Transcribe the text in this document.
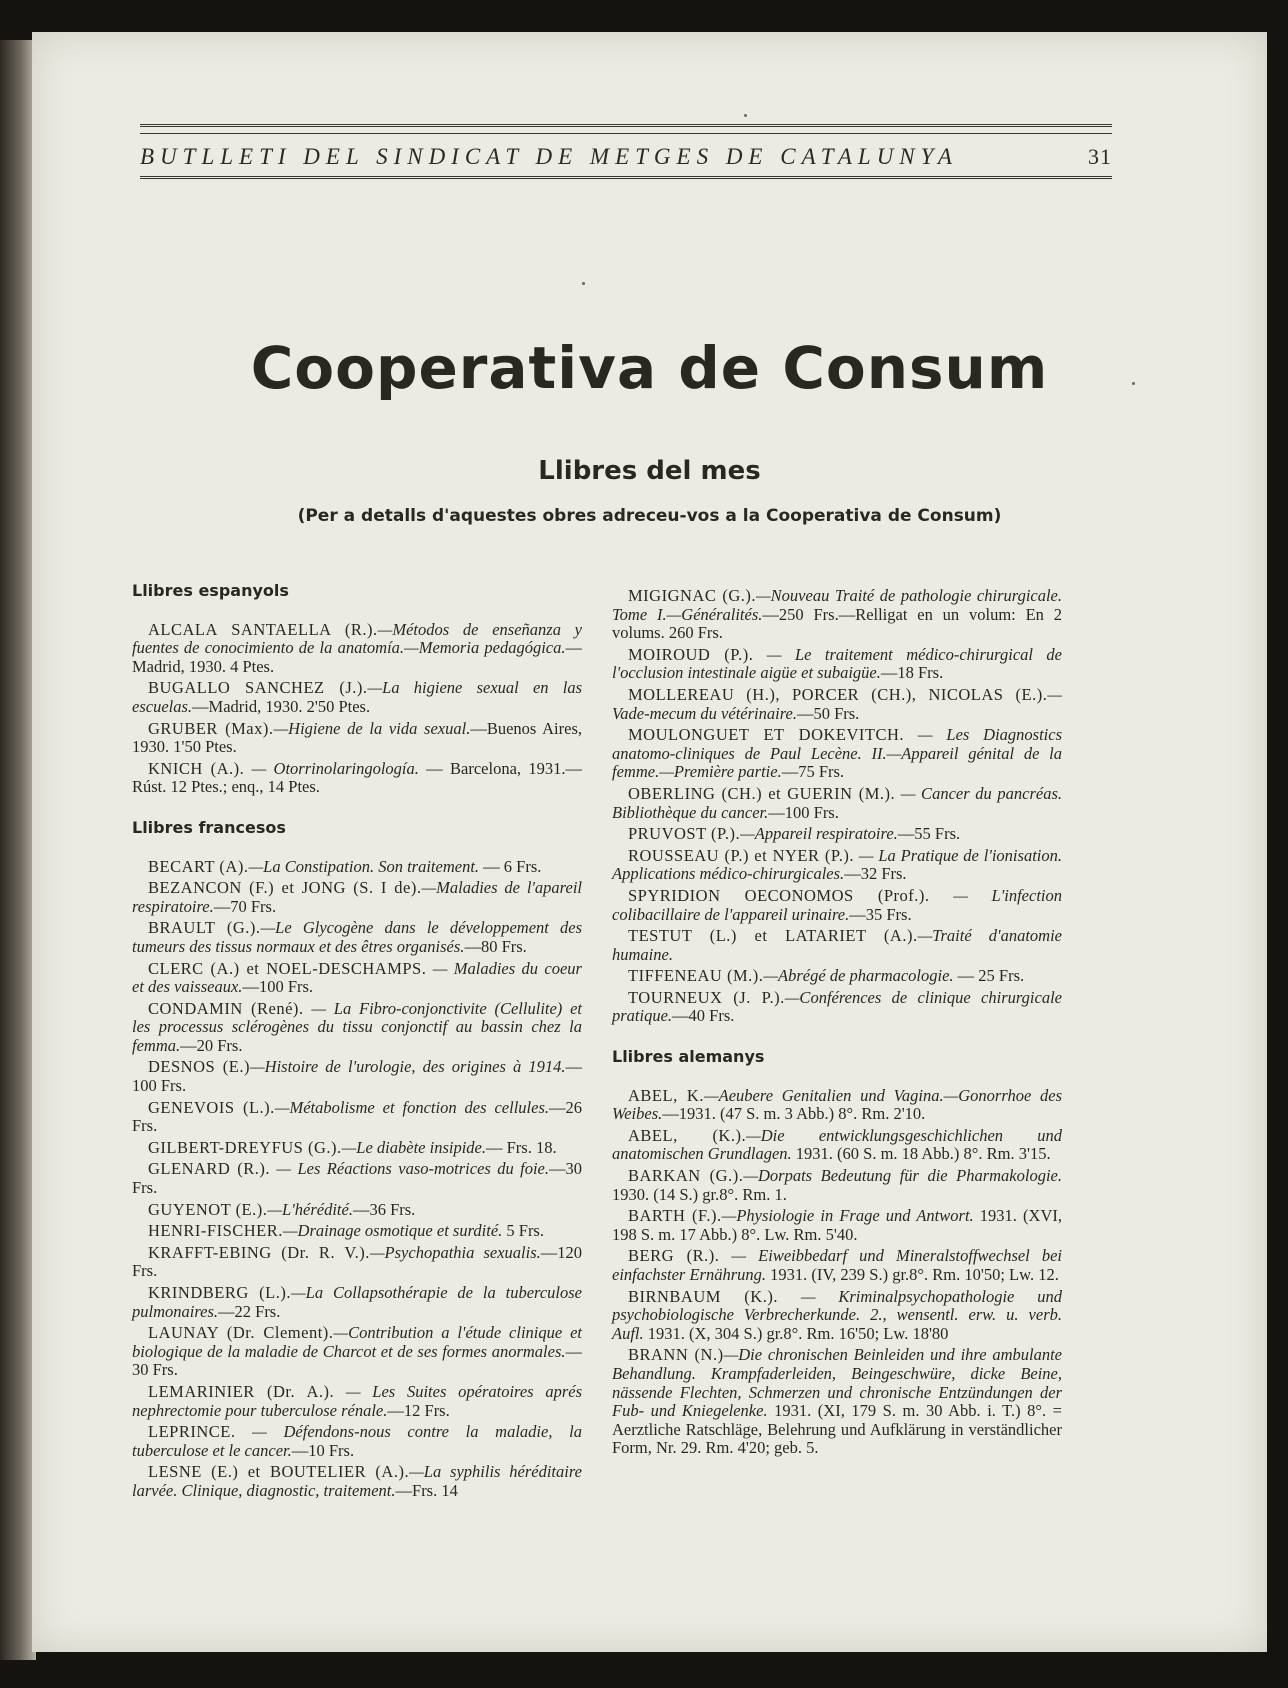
BUTLLETI DEL SINDICAT DE METGES DE CATALUNYA	31
Cooperativa de Consum
Llibres del mes
(Per a detalls d'aquestes obres adreceu-vos a la Cooperativa de Consum)
Llibres espanyols

ALCALA SANTAELLA (R.).—Métodos de enseñanza y fuentes de conocimiento de la anatomía.—Memoria pedagógica.—Madrid, 1930. 4 Ptes.

BUGALLO SANCHEZ (J.).—La higiene sexual en las escuelas.—Madrid, 1930. 2'50 Ptes.

GRUBER (Max).—Higiene de la vida sexual.—Buenos Aires, 1930. 1'50 Ptes.

KNICH (A.). — Otorrinolaringología. — Barcelona, 1931.—Rúst. 12 Ptes.; enq., 14 Ptes.

Llibres francesos

BECART (A).—La Constipation. Son traitement. — 6 Frs.

BEZANCON (F.) et JONG (S. I de).—Maladies de l'apareil respiratoire.—70 Frs.

BRAULT (G.).—Le Glycogène dans le développement des tumeurs des tissus normaux et des êtres organisés.—80 Frs.

CLERC (A.) et NOEL-DESCHAMPS. — Maladies du coeur et des vaisseaux.—100 Frs.

CONDAMIN (René). — La Fibro-conjonctivite (Cellulite) et les processus sclérogènes du tissu conjonctif au bassin chez la femma.—20 Frs.

DESNOS (E.)—Histoire de l'urologie, des origines à 1914.—100 Frs.

GENEVOIS (L.).—Métabolisme et fonction des cellules.—26 Frs.

GILBERT-DREYFUS (G.).—Le diabète insipide.— Frs. 18.

GLENARD (R.). — Les Réactions vaso-motrices du foie.—30 Frs.

GUYENOT (E.).—L'hérédité.—36 Frs.

HENRI-FISCHER.—Drainage osmotique et surdité. 5 Frs.

KRAFFT-EBING (Dr. R. V.).—Psychopathia sexualis.—120 Frs.

KRINDBERG (L.).—La Collapsothérapie de la tuberculose pulmonaires.—22 Frs.

LAUNAY (Dr. Clement).—Contribution a l'étude clinique et biologique de la maladie de Charcot et de ses formes anormales.—30 Frs.

LEMARINIER (Dr. A.). — Les Suites opératoires aprés nephrectomie pour tuberculose rénale.—12 Frs.

LEPRINCE. — Défendons-nous contre la maladie, la tuberculose et le cancer.—10 Frs.

LESNE (E.) et BOUTELIER (A.).—La syphilis héréditaire larvée. Clinique, diagnostic, traitement.—Frs. 14

MIGIGNAC (G.).—Nouveau Traité de pathologie chirurgicale. Tome I.—Généralités.—250 Frs.—Relligat en un volum: En 2 volums. 260 Frs.

MOIROUD (P.). — Le traitement médico-chirurgical de l'occlusion intestinale aigüe et subaigüe.—18 Frs.

MOLLEREAU (H.), PORCER (CH.), NICOLAS (E.).—Vade-mecum du vétérinaire.—50 Frs.

MOULONGUET ET DOKEVITCH. — Les Diagnostics anatomo-cliniques de Paul Lecène. II.—Appareil génital de la femme.—Première partie.—75 Frs.

OBERLING (CH.) et GUERIN (M.). — Cancer du pancréas. Bibliothèque du cancer.—100 Frs.

PRUVOST (P.).—Appareil respiratoire.—55 Frs.

ROUSSEAU (P.) et NYER (P.). — La Pratique de l'ionisation. Applications médico-chirurgicales.—32 Frs.

SPYRIDION OECONOMOS (Prof.). — L'infection colibacillaire de l'appareil urinaire.—35 Frs.

TESTUT (L.) et LATARIET (A.).—Traité d'anatomie humaine.

TIFFENEAU (M.).—Abrégé de pharmacologie. — 25 Frs.

TOURNEUX (J. P.).—Conférences de clinique chirurgicale pratique.—40 Frs.

Llibres alemanys

ABEL, K.—Aeubere Genitalien und Vagina.—Gonorrhoe des Weibes.—1931. (47 S. m. 3 Abb.) 8°. Rm. 2'10.

ABEL, (K.).—Die entwicklungsgeschichlichen und anatomischen Grundlagen. 1931. (60 S. m. 18 Abb.) 8°. Rm. 3'15.

BARKAN (G.).—Dorpats Bedeutung für die Pharmakologie. 1930. (14 S.) gr.8°. Rm. 1.

BARTH (F.).—Physiologie in Frage und Antwort. 1931. (XVI, 198 S. m. 17 Abb.) 8°. Lw. Rm. 5'40.

BERG (R.). — Eiweibbedarf und Mineralstoffwechsel bei einfachster Ernährung. 1931. (IV, 239 S.) gr.8°. Rm. 10'50; Lw. 12.

BIRNBAUM (K.). — Kriminalpsychopathologie und psychobiologische Verbrecherkunde. 2., wensentl. erw. u. verb. Aufl. 1931. (X, 304 S.) gr.8°. Rm. 16'50; Lw. 18'80

BRANN (N.)—Die chronischen Beinleiden und ihre ambulante Behandlung. Krampfaderleiden, Beingeschwüre, dicke Beine, nässende Flechten, Schmerzen und chronische Entzündungen der Fub- und Kniegelenke. 1931. (XI, 179 S. m. 30 Abb. i. T.) 8°. = Aerztliche Ratschläge, Belehrung und Aufklärung in verständlicher Form, Nr. 29. Rm. 4'20; geb. 5.
